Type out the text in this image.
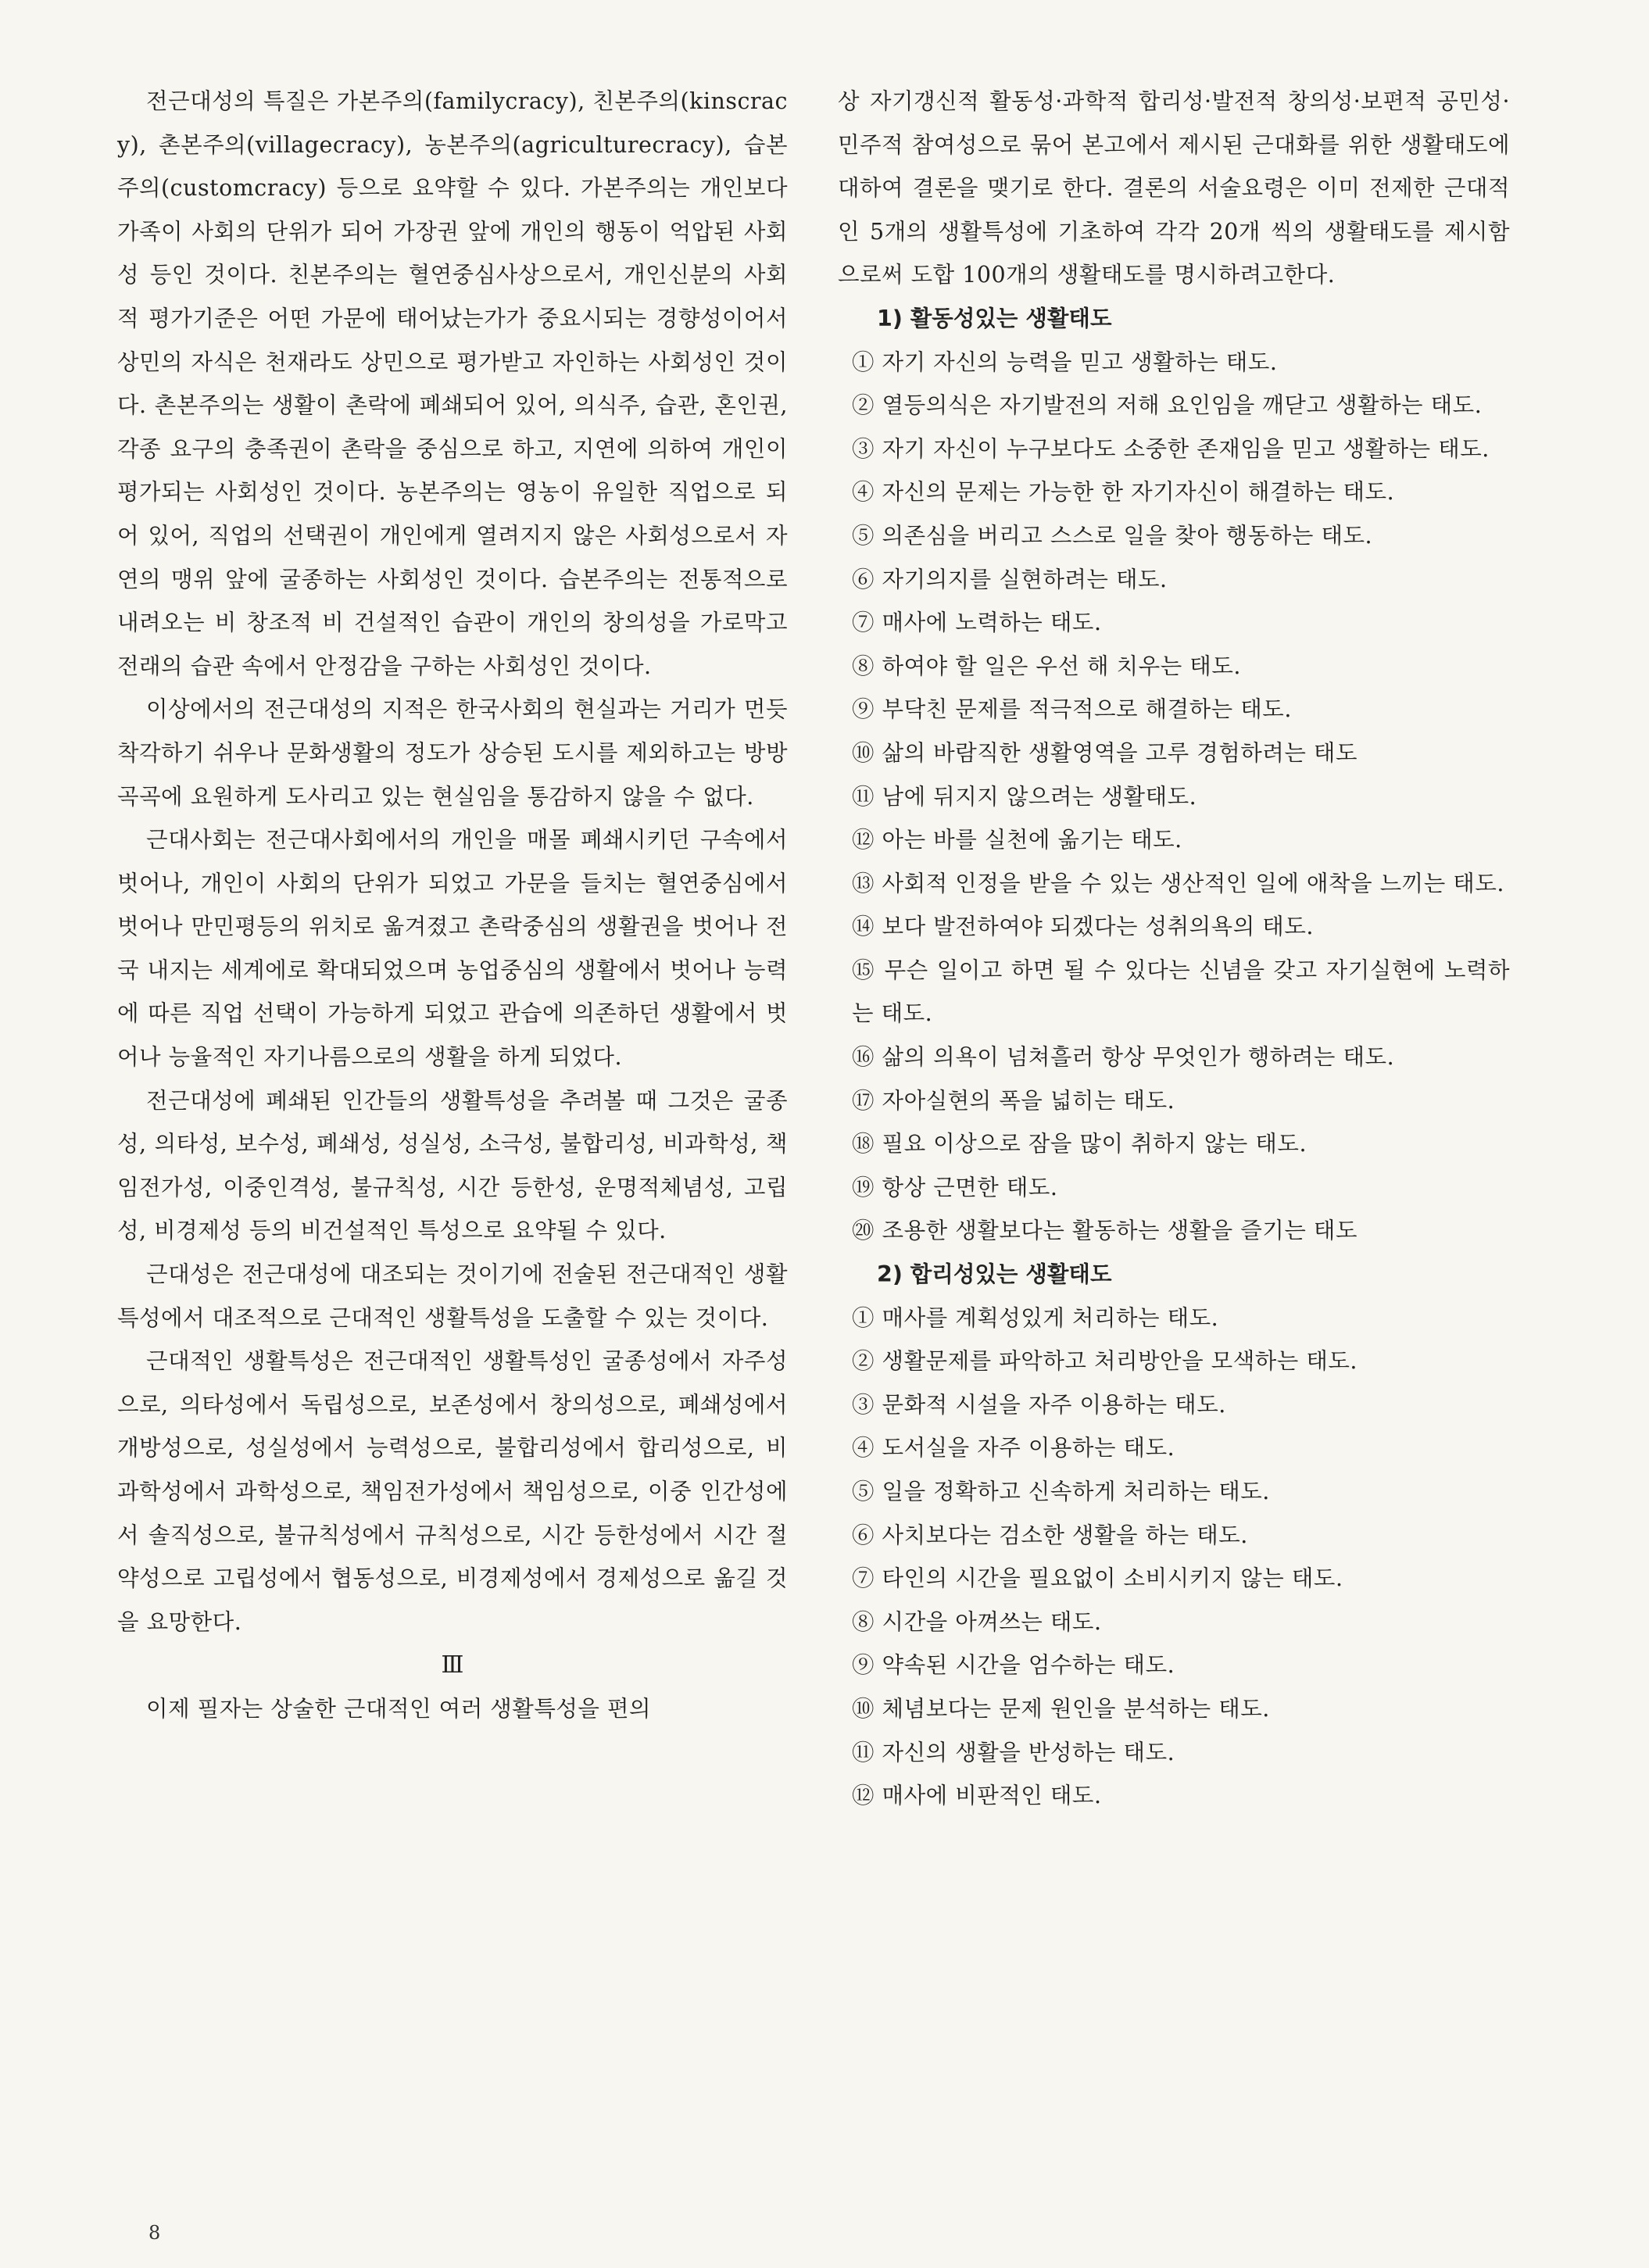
전근대성의 특질은 가본주의(familycracy), 친본주의(kinscracy), 촌본주의(villagecracy), 농본주의(agriculturecracy), 습본주의(customcracy) 등으로 요약할 수 있다. 가본주의는 개인보다 가족이 사회의 단위가 되어 가장권 앞에 개인의 행동이 억압된 사회성 등인 것이다. 친본주의는 혈연중심사상으로서, 개인신분의 사회적 평가기준은 어떤 가문에 태어났는가가 중요시되는 경향성이어서 상민의 자식은 천재라도 상민으로 평가받고 자인하는 사회성인 것이다. 촌본주의는 생활이 촌락에 폐쇄되어 있어, 의식주, 습관, 혼인권, 각종 요구의 충족권이 촌락을 중심으로 하고, 지연에 의하여 개인이 평가되는 사회성인 것이다. 농본주의는 영농이 유일한 직업으로 되어 있어, 직업의 선택권이 개인에게 열려지지 않은 사회성으로서 자연의 맹위 앞에 굴종하는 사회성인 것이다. 습본주의는 전통적으로 내려오는 비 창조적 비 건설적인 습관이 개인의 창의성을 가로막고 전래의 습관 속에서 안정감을 구하는 사회성인 것이다.

이상에서의 전근대성의 지적은 한국사회의 현실과는 거리가 먼듯 착각하기 쉬우나 문화생활의 정도가 상승된 도시를 제외하고는 방방곡곡에 요원하게 도사리고 있는 현실임을 통감하지 않을 수 없다.

근대사회는 전근대사회에서의 개인을 매몰 폐쇄시키던 구속에서 벗어나, 개인이 사회의 단위가 되었고 가문을 들치는 혈연중심에서 벗어나 만민평등의 위치로 옮겨졌고 촌락중심의 생활권을 벗어나 전국 내지는 세계에로 확대되었으며 농업중심의 생활에서 벗어나 능력에 따른 직업 선택이 가능하게 되었고 관습에 의존하던 생활에서 벗어나 능율적인 자기나름으로의 생활을 하게 되었다.

전근대성에 폐쇄된 인간들의 생활특성을 추려볼 때 그것은 굴종성, 의타성, 보수성, 폐쇄성, 성실성, 소극성, 불합리성, 비과학성, 책임전가성, 이중인격성, 불규칙성, 시간 등한성, 운명적체념성, 고립성, 비경제성 등의 비건설적인 특성으로 요약될 수 있다.

근대성은 전근대성에 대조되는 것이기에 전술된 전근대적인 생활특성에서 대조적으로 근대적인 생활특성을 도출할 수 있는 것이다.

근대적인 생활특성은 전근대적인 생활특성인 굴종성에서 자주성으로, 의타성에서 독립성으로, 보존성에서 창의성으로, 폐쇄성에서 개방성으로, 성실성에서 능력성으로, 불합리성에서 합리성으로, 비과학성에서 과학성으로, 책임전가성에서 책임성으로, 이중 인간성에서 솔직성으로, 불규칙성에서 규칙성으로, 시간 등한성에서 시간 절약성으로 고립성에서 협동성으로, 비경제성에서 경제성으로 옮길 것을 요망한다.

Ⅲ

이제 필자는 상술한 근대적인 여러 생활특성을 편의

상 자기갱신적 활동성·과학적 합리성·발전적 창의성·보편적 공민성·민주적 참여성으로 묶어 본고에서 제시된 근대화를 위한 생활태도에 대하여 결론을 맺기로 한다. 결론의 서술요령은 이미 전제한 근대적인 5개의 생활특성에 기초하여 각각 20개 씩의 생활태도를 제시함으로써 도합 100개의 생활태도를 명시하려고한다.

1) 활동성있는 생활태도

① 자기 자신의 능력을 믿고 생활하는 태도.
② 열등의식은 자기발전의 저해 요인임을 깨닫고 생활하는 태도.
③ 자기 자신이 누구보다도 소중한 존재임을 믿고 생활하는 태도.
④ 자신의 문제는 가능한 한 자기자신이 해결하는 태도.
⑤ 의존심을 버리고 스스로 일을 찾아 행동하는 태도.
⑥ 자기의지를 실현하려는 태도.
⑦ 매사에 노력하는 태도.
⑧ 하여야 할 일은 우선 해 치우는 태도.
⑨ 부닥친 문제를 적극적으로 해결하는 태도.
⑩ 삶의 바람직한 생활영역을 고루 경험하려는 태도
⑪ 남에 뒤지지 않으려는 생활태도.
⑫ 아는 바를 실천에 옮기는 태도.
⑬ 사회적 인정을 받을 수 있는 생산적인 일에 애착을 느끼는 태도.
⑭ 보다 발전하여야 되겠다는 성취의욕의 태도.
⑮ 무슨 일이고 하면 될 수 있다는 신념을 갖고 자기실현에 노력하는 태도.
⑯ 삶의 의욕이 넘쳐흘러 항상 무엇인가 행하려는 태도.
⑰ 자아실현의 폭을 넓히는 태도.
⑱ 필요 이상으로 잠을 많이 취하지 않는 태도.
⑲ 항상 근면한 태도.
⑳ 조용한 생활보다는 활동하는 생활을 즐기는 태도

2) 합리성있는 생활태도

① 매사를 계획성있게 처리하는 태도.
② 생활문제를 파악하고 처리방안을 모색하는 태도.
③ 문화적 시설을 자주 이용하는 태도.
④ 도서실을 자주 이용하는 태도.
⑤ 일을 정확하고 신속하게 처리하는 태도.
⑥ 사치보다는 검소한 생활을 하는 태도.
⑦ 타인의 시간을 필요없이 소비시키지 않는 태도.
⑧ 시간을 아껴쓰는 태도.
⑨ 약속된 시간을 엄수하는 태도.
⑩ 체념보다는 문제 원인을 분석하는 태도.
⑪ 자신의 생활을 반성하는 태도.
⑫ 매사에 비판적인 태도.
8
